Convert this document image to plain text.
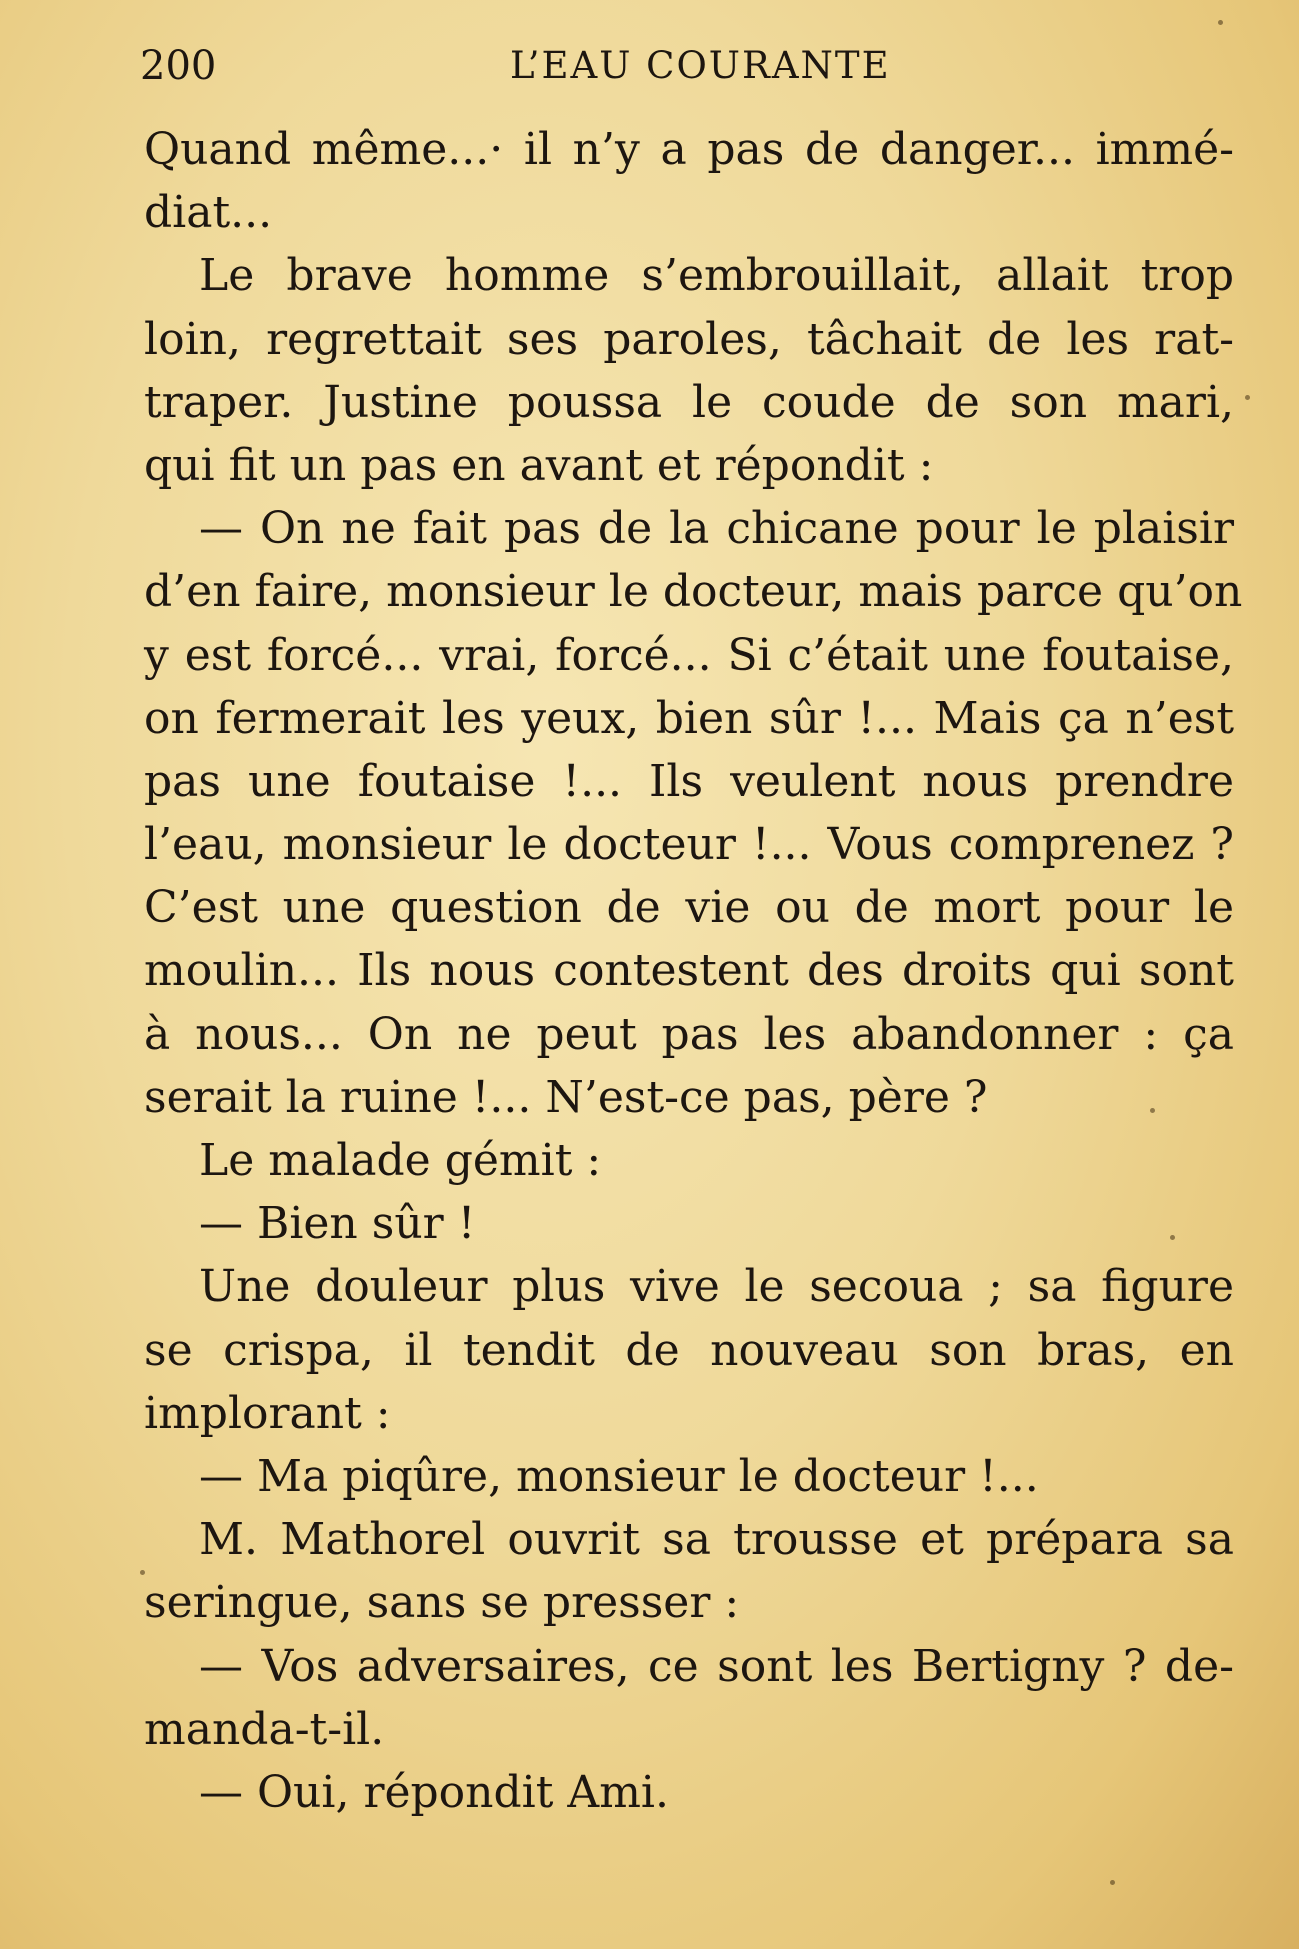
200	L’EAU COURANTE
Quand même...· il n’y a pas de danger... immé-
diat...
Le brave homme s’embrouillait, allait trop
loin, regrettait ses paroles, tâchait de les rat-
traper. Justine poussa le coude de son mari,
qui fit un pas en avant et répondit :
— On ne fait pas de la chicane pour le plaisir
d’en faire, monsieur le docteur, mais parce qu’on
y est forcé... vrai, forcé... Si c’était une foutaise,
on fermerait les yeux, bien sûr !... Mais ça n’est
pas une foutaise !... Ils veulent nous prendre
l’eau, monsieur le docteur !... Vous comprenez ?
C’est une question de vie ou de mort pour le
moulin... Ils nous contestent des droits qui sont
à nous... On ne peut pas les abandonner : ça
serait la ruine !... N’est-ce pas, père ?
Le malade gémit :
— Bien sûr !
Une douleur plus vive le secoua ; sa figure
se crispa, il tendit de nouveau son bras, en
implorant :
— Ma piqûre, monsieur le docteur !...
M. Mathorel ouvrit sa trousse et prépara sa
seringue, sans se presser :
— Vos adversaires, ce sont les Bertigny ? de-
manda-t-il.
— Oui, répondit Ami.
